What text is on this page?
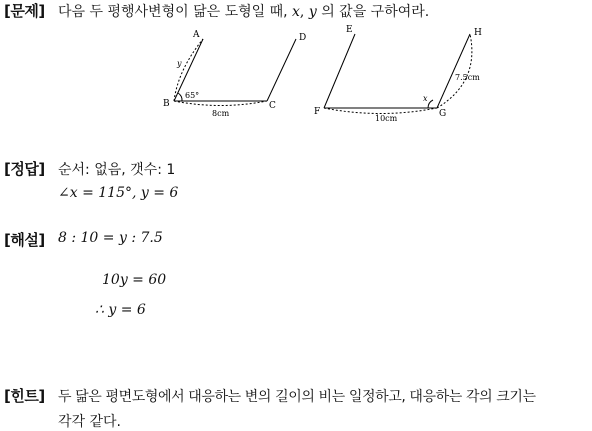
[문제] 다음 두 평행사변형이 닮은 도형일 때, x, y 의 값을 구하여라.
A	D
B	C
y
65°
8cm
E
F	G
H
7.5cm
x
10cm
[정답] 순서: 없음, 갯수: 1
∠x = 115°, y = 6
[해설] 8 : 10 = y : 7.5
10y = 60
∴ y = 6
[힌트] 두 닮은 평면도형에서 대응하는 변의 길이의 비는 일정하고, 대응하는 각의 크기는
각각 같다.
